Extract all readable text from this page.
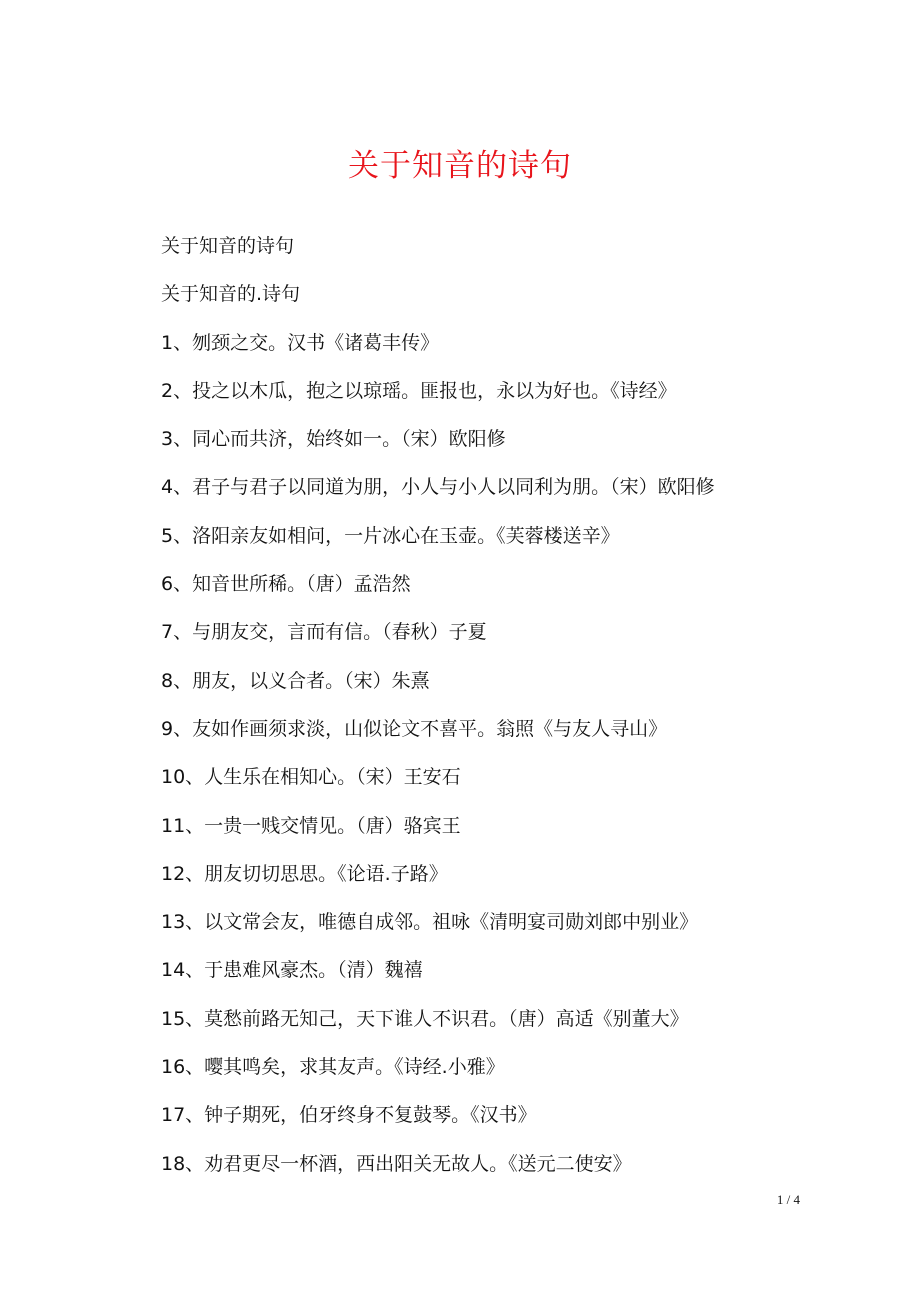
关于知音的诗句

关于知音的诗句

关于知音的.诗句

1、刎颈之交。汉书《诸葛丰传》

2、投之以木瓜，抱之以琼瑶。匪报也，永以为好也。《诗经》

3、同心而共济，始终如一。（宋）欧阳修

4、君子与君子以同道为朋，小人与小人以同利为朋。（宋）欧阳修

5、洛阳亲友如相问，一片冰心在玉壶。《芙蓉楼送辛》

6、知音世所稀。（唐）孟浩然

7、与朋友交，言而有信。（春秋）子夏

8、朋友，以义合者。（宋）朱熹

9、友如作画须求淡，山似论文不喜平。翁照《与友人寻山》

10、人生乐在相知心。（宋）王安石

11、一贵一贱交情见。（唐）骆宾王

12、朋友切切思思。《论语.子路》

13、以文常会友，唯德自成邻。祖咏《清明宴司勋刘郎中别业》

14、于患难风豪杰。（清）魏禧

15、莫愁前路无知己，天下谁人不识君。（唐）高适《别董大》

16、嘤其鸣矣，求其友声。《诗经.小雅》

17、钟子期死，伯牙终身不复鼓琴。《汉书》

18、劝君更尽一杯酒，西出阳关无故人。《送元二使安》

1 / 4
